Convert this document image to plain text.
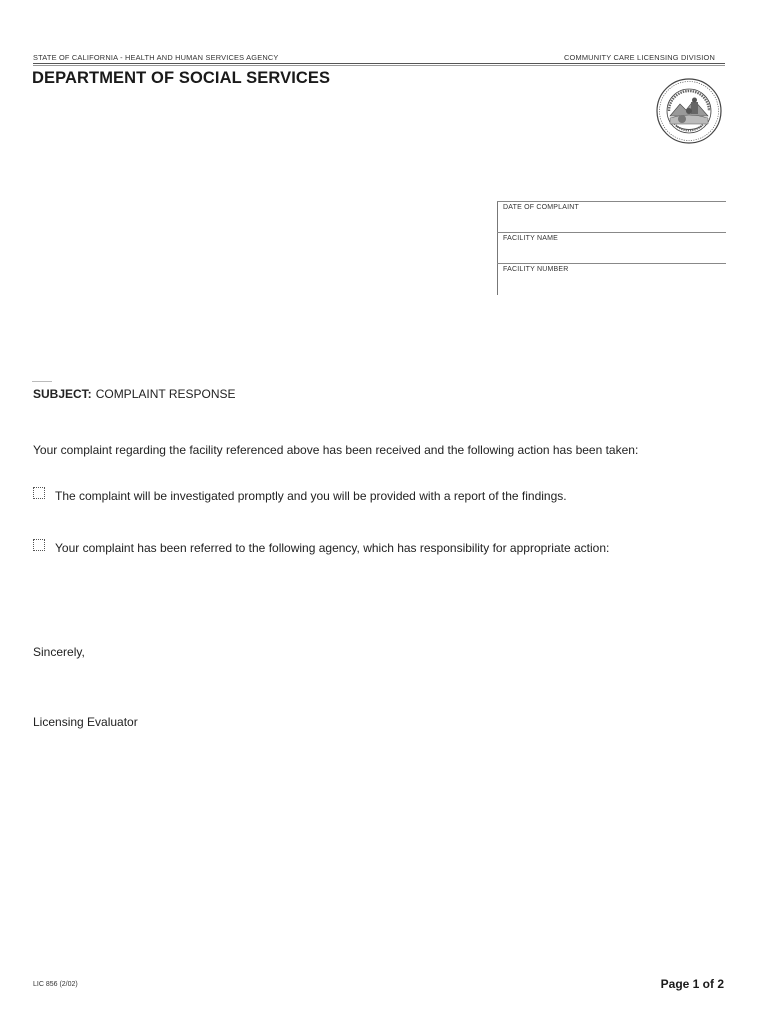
STATE OF CALIFORNIA - HEALTH AND HUMAN SERVICES AGENCY	COMMUNITY CARE LICENSING DIVISION
DEPARTMENT OF SOCIAL SERVICES
DATE OF COMPLAINT
FACILITY NAME
FACILITY NUMBER
SUBJECT: COMPLAINT RESPONSE
Your complaint regarding the facility referenced above has been received and the following action has been taken:
The complaint will be investigated promptly and you will be provided with a report of the findings.
Your complaint has been referred to the following agency, which has responsibility for appropriate action:
Sincerely,
Licensing Evaluator
LIC 856 (2/02)	Page 1 of 2
